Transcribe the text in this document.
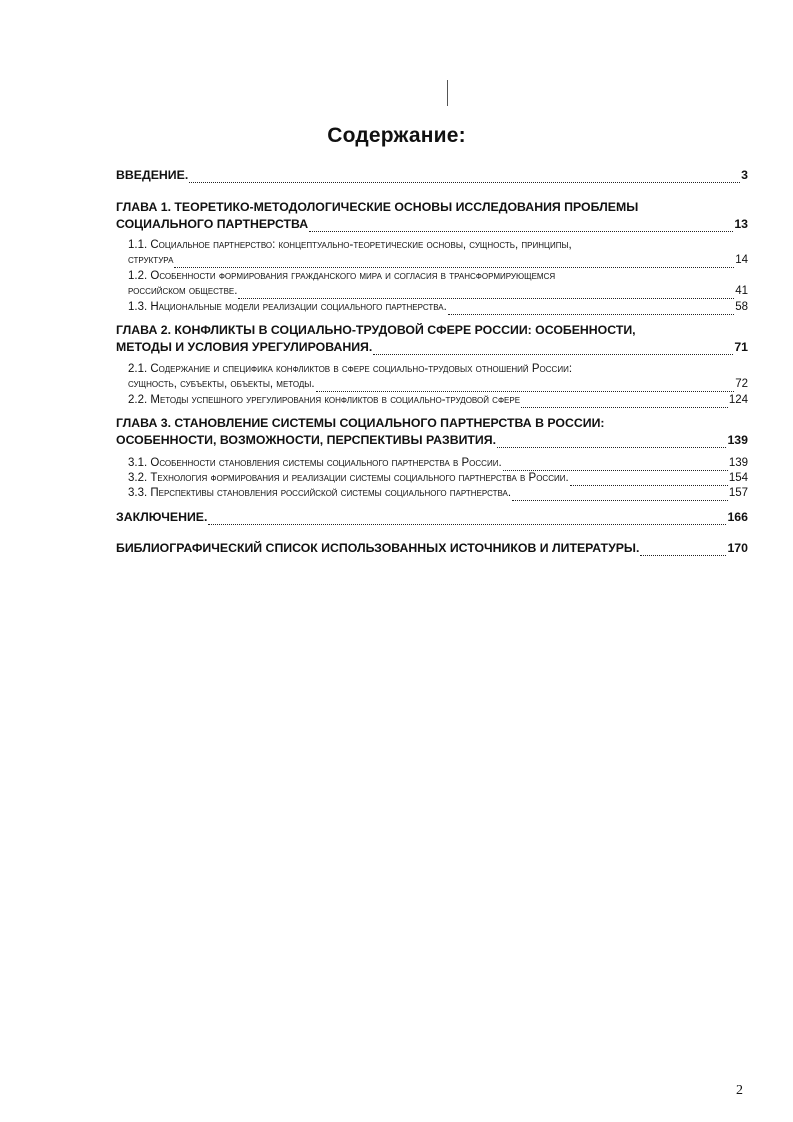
Содержание:
ВВЕДЕНИЕ.	3
ГЛАВА 1. ТЕОРЕТИКО-МЕТОДОЛОГИЧЕСКИЕ ОСНОВЫ ИССЛЕДОВАНИЯ ПРОБЛЕМЫ
СОЦИАЛЬНОГО ПАРТНЕРСТВА	13
1.1. Социальное партнерство: концептуально-теоретические основы, сущность, принципы,
структура	14
1.2. Особенности формирования гражданского мира и согласия в трансформирующемся
российском обществе.	41
1.3. Национальные модели реализации социального партнерства.	58
ГЛАВА 2. КОНФЛИКТЫ В СОЦИАЛЬНО-ТРУДОВОЙ СФЕРЕ РОССИИ: ОСОБЕННОСТИ,
МЕТОДЫ И УСЛОВИЯ УРЕГУЛИРОВАНИЯ.	71
2.1. Содержание и специфика конфликтов в сфере социально-трудовых отношений России:
сущность, субъекты, объекты, методы.	72
2.2. Методы успешного урегулирования конфликтов в социально-трудовой сфере	124
ГЛАВА 3. СТАНОВЛЕНИЕ СИСТЕМЫ СОЦИАЛЬНОГО ПАРТНЕРСТВА В РОССИИ:
ОСОБЕННОСТИ, ВОЗМОЖНОСТИ, ПЕРСПЕКТИВЫ РАЗВИТИЯ.	139
3.1. Особенности становления системы социального партнерства в России.	139
3.2. Технология формирования и реализации системы социального партнерства в России.	154
3.3. Перспективы становления российской системы социального партнерства.	157
ЗАКЛЮЧЕНИЕ.	166
БИБЛИОГРАФИЧЕСКИЙ СПИСОК ИСПОЛЬЗОВАННЫХ ИСТОЧНИКОВ И ЛИТЕРАТУРЫ.	170
2
